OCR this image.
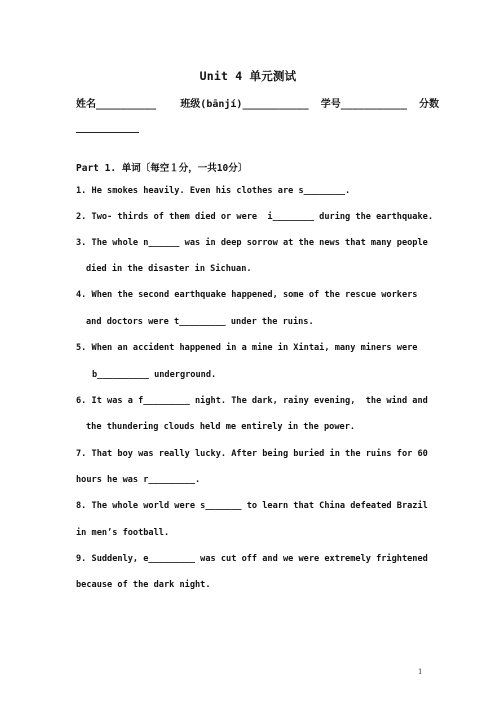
Unit 4 单元测试
姓名__________ 班级(bānjí)___________ 学号___________ 分数
Part 1. 单词〔每空１分，一共10分〕
1. He smokes heavily. Even his clothes are s________.
2. Two- thirds of them died or were  i________ during the earthquake.
3. The whole n______ was in deep sorrow at the news that many people
died in the disaster in Sichuan.
4. When the second earthquake happened, some of the rescue workers
and doctors were t_________ under the ruins.
5. When an accident happened in a mine in Xintai, many miners were
b__________ underground.
6. It was a f_________ night. The dark, rainy evening,  the wind and
the thundering clouds held me entirely in the power.
7. That boy was really lucky. After being buried in the ruins for 60
hours he was r_________.
8. The whole world were s_______ to learn that China defeated Brazil
in men’s football.
9. Suddenly, e_________ was cut off and we were extremely frightened
because of the dark night.
1
